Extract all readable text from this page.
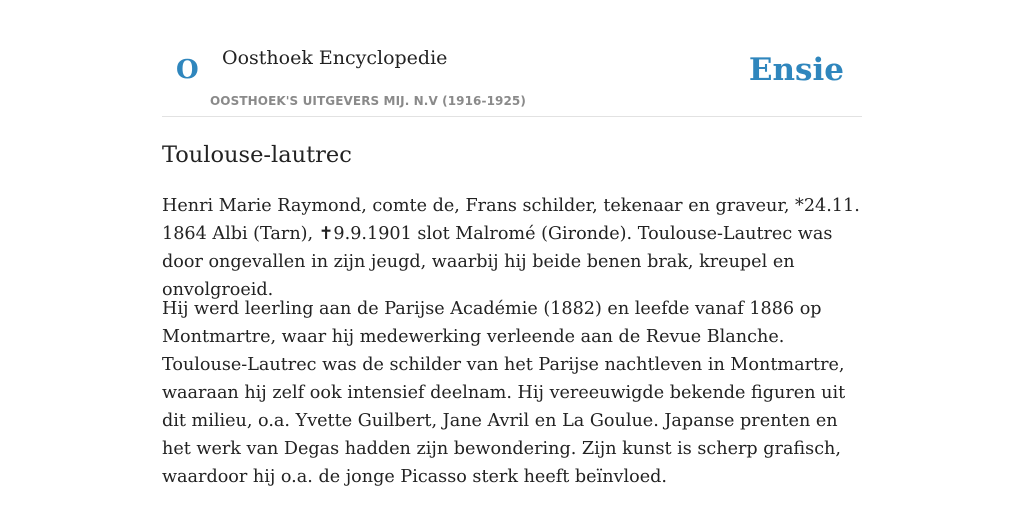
O Oosthoek Encyclopedie
OOSTHOEK'S UITGEVERS MIJ. N.V (1916-1925)
Ensie
Toulouse-lautrec

Henri Marie Raymond, comte de, Frans schilder, tekenaar en graveur, *24.11. 1864 Albi (Tarn), ✝9.9.1901 slot Malromé (Gironde). Toulouse-Lautrec was door ongevallen in zijn jeugd, waarbij hij beide benen brak, kreupel en onvolgroeid.

Hij werd leerling aan de Parijse Académie (1882) en leefde vanaf 1886 op Montmartre, waar hij medewerking verleende aan de Revue Blanche. Toulouse-Lautrec was de schilder van het Parijse nachtleven in Montmartre, waaraan hij zelf ook intensief deelnam. Hij vereeuwigde bekende figuren uit dit milieu, o.a. Yvette Guilbert, Jane Avril en La Goulue. Japanse prenten en het werk van Degas hadden zijn bewondering. Zijn kunst is scherp grafisch, waardoor hij o.a. de jonge Picasso sterk heeft beïnvloed.
